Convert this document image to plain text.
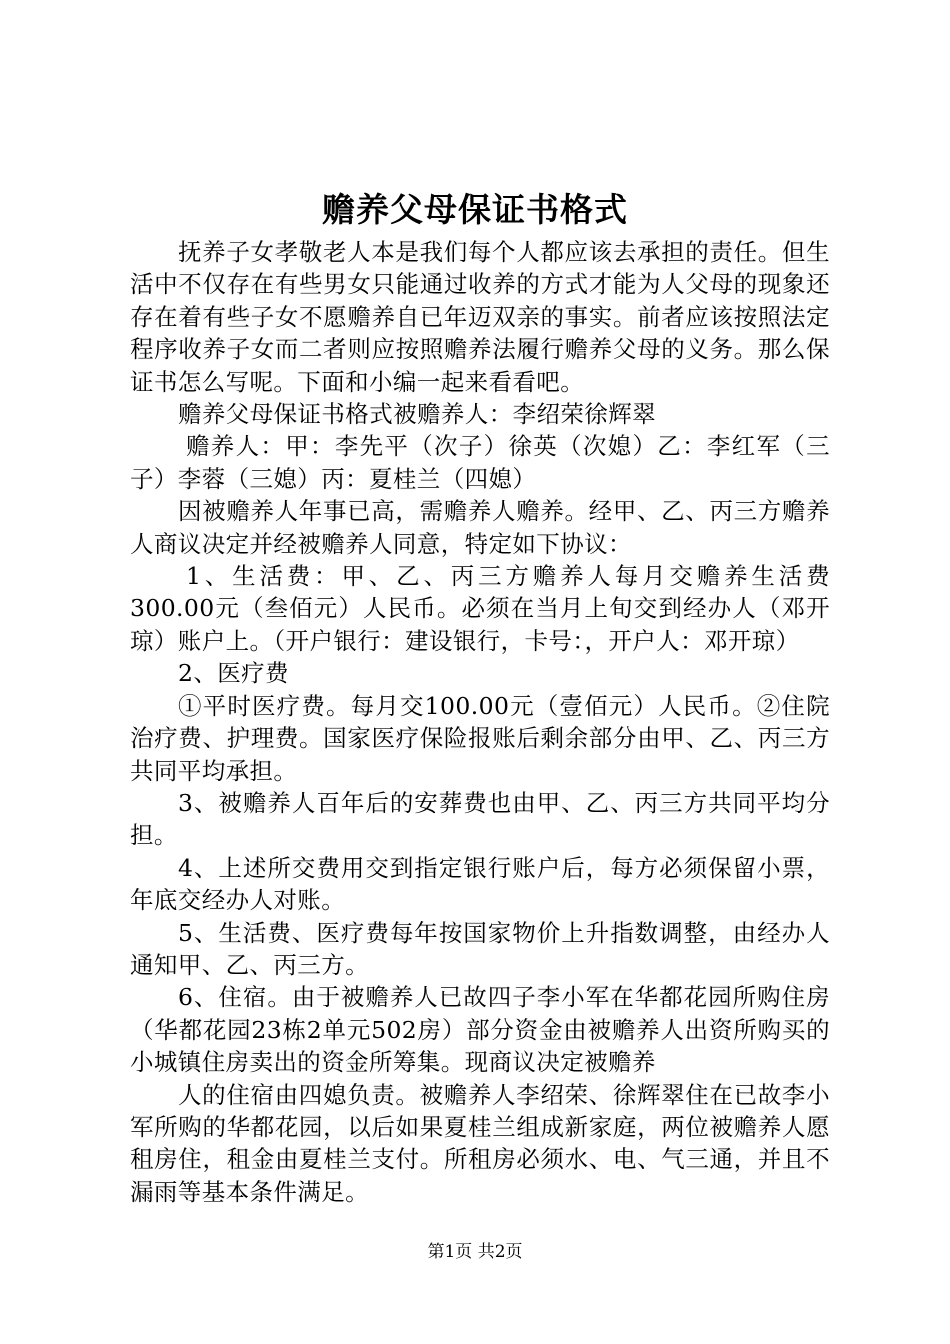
赡养父母保证书格式

抚养子女孝敬老人本是我们每个人都应该去承担的责任。但生活中不仅存在有些男女只能通过收养的方式才能为人父母的现象还存在着有些子女不愿赡养自已年迈双亲的事实。前者应该按照法定程序收养子女而二者则应按照赡养法履行赡养父母的义务。那么保证书怎么写呢。下面和小编一起来看看吧。

赡养父母保证书格式被赡养人：李绍荣徐辉翠

赡养人：甲：李先平（次子）徐英（次媳）乙：李红军（三子）李蓉（三媳）丙：夏桂兰（四媳）

因被赡养人年事已高，需赡养人赡养。经甲、乙、丙三方赡养人商议决定并经被赡养人同意，特定如下协议：

1、生活费：甲、乙、丙三方赡养人每月交赡养生活费300.00元（叁佰元）人民币。必须在当月上旬交到经办人（邓开琼）账户上。（开户银行：建设银行，卡号：，开户人：邓开琼）

2、医疗费

①平时医疗费。每月交100.00元（壹佰元）人民币。②住院治疗费、护理费。国家医疗保险报账后剩余部分由甲、乙、丙三方共同平均承担。

3、被赡养人百年后的安葬费也由甲、乙、丙三方共同平均分担。

4、上述所交费用交到指定银行账户后，每方必须保留小票，年底交经办人对账。

5、生活费、医疗费每年按国家物价上升指数调整，由经办人通知甲、乙、丙三方。

6、住宿。由于被赡养人已故四子李小军在华都花园所购住房（华都花园23栋2单元502房）部分资金由被赡养人出资所购买的小城镇住房卖出的资金所筹集。现商议决定被赡养

人的住宿由四媳负责。被赡养人李绍荣、徐辉翠住在已故李小军所购的华都花园，以后如果夏桂兰组成新家庭，两位被赡养人愿租房住，租金由夏桂兰支付。所租房必须水、电、气三通，并且不漏雨等基本条件满足。

第1页 共2页
